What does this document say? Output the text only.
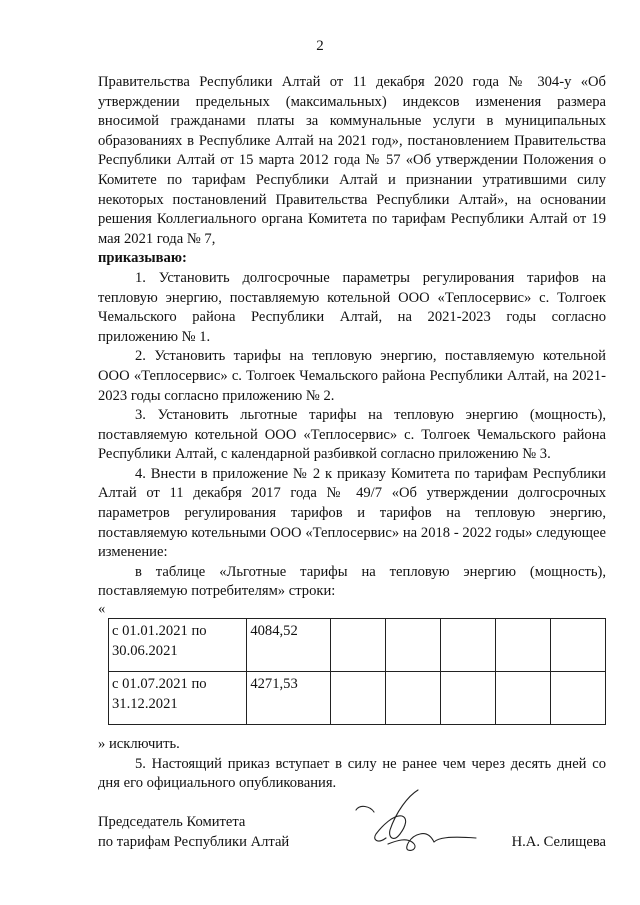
2

Правительства Республики Алтай от 11 декабря 2020 года № 304-у «Об утверждении предельных (максимальных) индексов изменения размера вносимой гражданами платы за коммунальные услуги в муниципальных образованиях в Республике Алтай на 2021 год», постановлением Правительства Республики Алтай от 15 марта 2012 года № 57 «Об утверждении Положения о Комитете по тарифам Республики Алтай и признании утратившими силу некоторых постановлений Правительства Республики Алтай», на основании решения Коллегиального органа Комитета по тарифам Республики Алтай от 19 мая 2021 года № 7,

приказываю:

1. Установить долгосрочные параметры регулирования тарифов на тепловую энергию, поставляемую котельной ООО «Теплосервис» с. Толгоек Чемальского района Республики Алтай, на 2021-2023 годы согласно приложению № 1.

2. Установить тарифы на тепловую энергию, поставляемую котельной ООО «Теплосервис» с. Толгоек Чемальского района Республики Алтай, на 2021-2023 годы согласно приложению № 2.

3. Установить льготные тарифы на тепловую энергию (мощность), поставляемую котельной ООО «Теплосервис» с. Толгоек Чемальского района Республики Алтай, с календарной разбивкой согласно приложению № 3.

4. Внести в приложение № 2 к приказу Комитета по тарифам Республики Алтай от 11 декабря 2017 года № 49/7 «Об утверждении долгосрочных параметров регулирования тарифов и тарифов на тепловую энергию, поставляемую котельными ООО «Теплосервис» на 2018 - 2022 годы» следующее изменение:

в таблице «Льготные тарифы на тепловую энергию (мощность), поставляемую потребителям» строки:

«

с 01.01.2021 по 30.06.2021	4084,52					
с 01.07.2021 по 31.12.2021	4271,53					

» исключить.

5. Настоящий приказ вступает в силу не ранее чем через десять дней со дня его официального опубликования.

Председатель Комитета
по тарифам Республики Алтай	Н.А. Селищева
